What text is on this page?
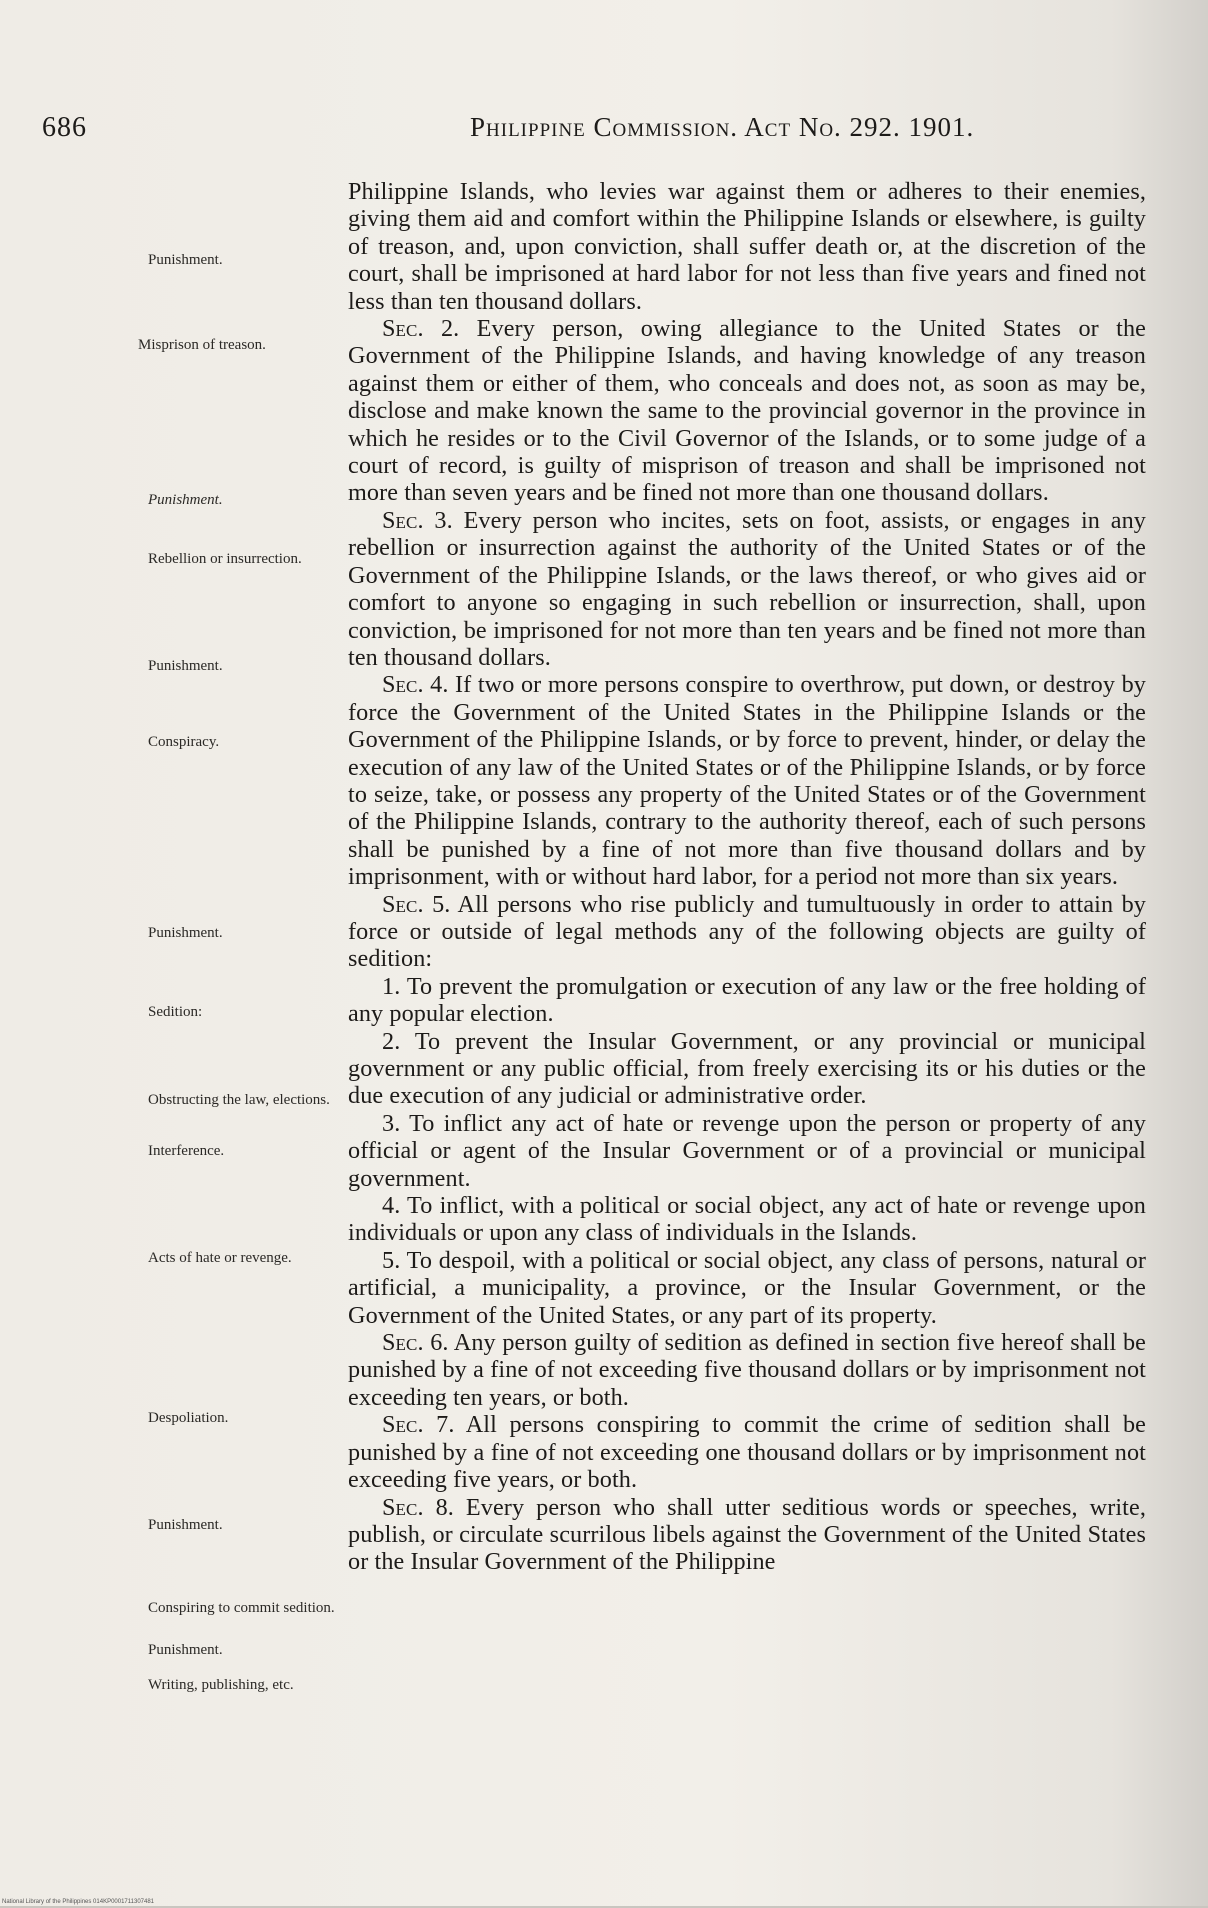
686	Philippine Commission. Act No. 292. 1901.
Punishment.
Misprison of treason.
Punishment.
Rebellion or insurrection.
Punishment.
Conspiracy.
Punishment.
Sedition:
Obstructing the law, elections.
Interference.
Acts of hate or revenge.
Despoliation.
Punishment.
Conspiring to commit sedition.
Punishment.
Writing, publishing, etc.

Philippine Islands, who levies war against them or adheres to their enemies, giving them aid and comfort within the Philippine Islands or elsewhere, is guilty of treason, and, upon conviction, shall suffer death or, at the discretion of the court, shall be imprisoned at hard labor for not less than five years and fined not less than ten thousand dollars.

Sec. 2. Every person, owing allegiance to the United States or the Government of the Philippine Islands, and having knowledge of any treason against them or either of them, who conceals and does not, as soon as may be, disclose and make known the same to the provincial governor in the province in which he resides or to the Civil Governor of the Islands, or to some judge of a court of record, is guilty of misprison of treason and shall be imprisoned not more than seven years and be fined not more than one thousand dollars.

Sec. 3. Every person who incites, sets on foot, assists, or engages in any rebellion or insurrection against the authority of the United States or of the Government of the Philippine Islands, or the laws thereof, or who gives aid or comfort to anyone so engaging in such rebellion or insurrection, shall, upon conviction, be imprisoned for not more than ten years and be fined not more than ten thousand dollars.

Sec. 4. If two or more persons conspire to overthrow, put down, or destroy by force the Government of the United States in the Philippine Islands or the Government of the Philippine Islands, or by force to prevent, hinder, or delay the execution of any law of the United States or of the Philippine Islands, or by force to seize, take, or possess any property of the United States or of the Government of the Philippine Islands, contrary to the authority thereof, each of such persons shall be punished by a fine of not more than five thousand dollars and by imprisonment, with or without hard labor, for a period not more than six years.

Sec. 5. All persons who rise publicly and tumultuously in order to attain by force or outside of legal methods any of the following objects are guilty of sedition:

1. To prevent the promulgation or execution of any law or the free holding of any popular election.

2. To prevent the Insular Government, or any provincial or municipal government or any public official, from freely exercising its or his duties or the due execution of any judicial or administrative order.

3. To inflict any act of hate or revenge upon the person or property of any official or agent of the Insular Government or of a provincial or municipal government.

4. To inflict, with a political or social object, any act of hate or revenge upon individuals or upon any class of individuals in the Islands.

5. To despoil, with a political or social object, any class of persons, natural or artificial, a municipality, a province, or the Insular Government, or the Government of the United States, or any part of its property.

Sec. 6. Any person guilty of sedition as defined in section five hereof shall be punished by a fine of not exceeding five thousand dollars or by imprisonment not exceeding ten years, or both.

Sec. 7. All persons conspiring to commit the crime of sedition shall be punished by a fine of not exceeding one thousand dollars or by imprisonment not exceeding five years, or both.

Sec. 8. Every person who shall utter seditious words or speeches, write, publish, or circulate scurrilous libels against the Government of the United States or the Insular Government of the Philippine

National Library of the Philippines 014KP0001711307481
